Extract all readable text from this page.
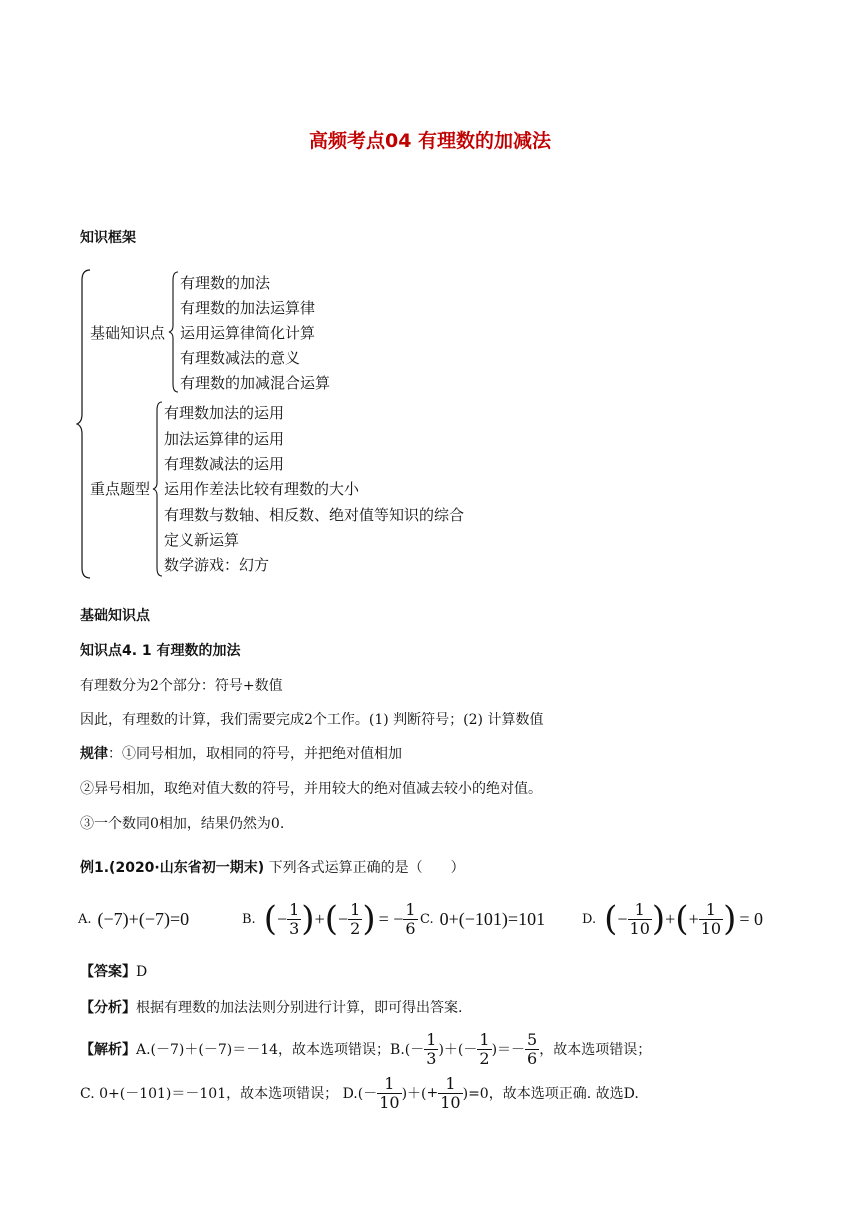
高频考点04 有理数的加减法
知识框架
基础知识点
有理数的加法
有理数的加法运算律
运用运算律简化计算
有理数减法的意义
有理数的加减混合运算
重点题型
有理数加法的运用
加法运算律的运用
有理数减法的运用
运用作差法比较有理数的大小
有理数与数轴、相反数、绝对值等知识的综合
定义新运算
数学游戏：幻方
基础知识点
知识点4. 1 有理数的加法
有理数分为2个部分：符号+数值
因此，有理数的计算，我们需要完成2个工作。(1) 判断符号；(2) 计算数值
规律：①同号相加，取相同的符号，并把绝对值相加
②异号相加，取绝对值大数的符号，并用较大的绝对值减去较小的绝对值。
③一个数同0相加，结果仍然为0.
例1.(2020·山东省初一期末) 下列各式运算正确的是（　　）
A. (−7)+(−7)=0	B. ( − $\frac{1}{3}$ ) + ( − $\frac{1}{2}$ ) = − $\frac{1}{6} C$. 0+(−101)=101	D. ( − $\frac{1}{10}$ ) + ( + $\frac{1}{10}$ ) = 0
【答案】D
【分析】根据有理数的加法法则分别进行计算，即可得出答案.
【解析】 A.(－7)＋(－7)＝－14，故本选项错误；$B.( - \frac{1}{3}$ )＋( － $\frac{1}{2}$ )＝ － $\frac{5}{6}$ ，故本选项错误；
C. 0+(－101)＝－101，故本选项错误； $D.( - \frac{1}{10}$ )＋( + $\frac{1}{10} )=0$，故本选项正确. 故选D.
